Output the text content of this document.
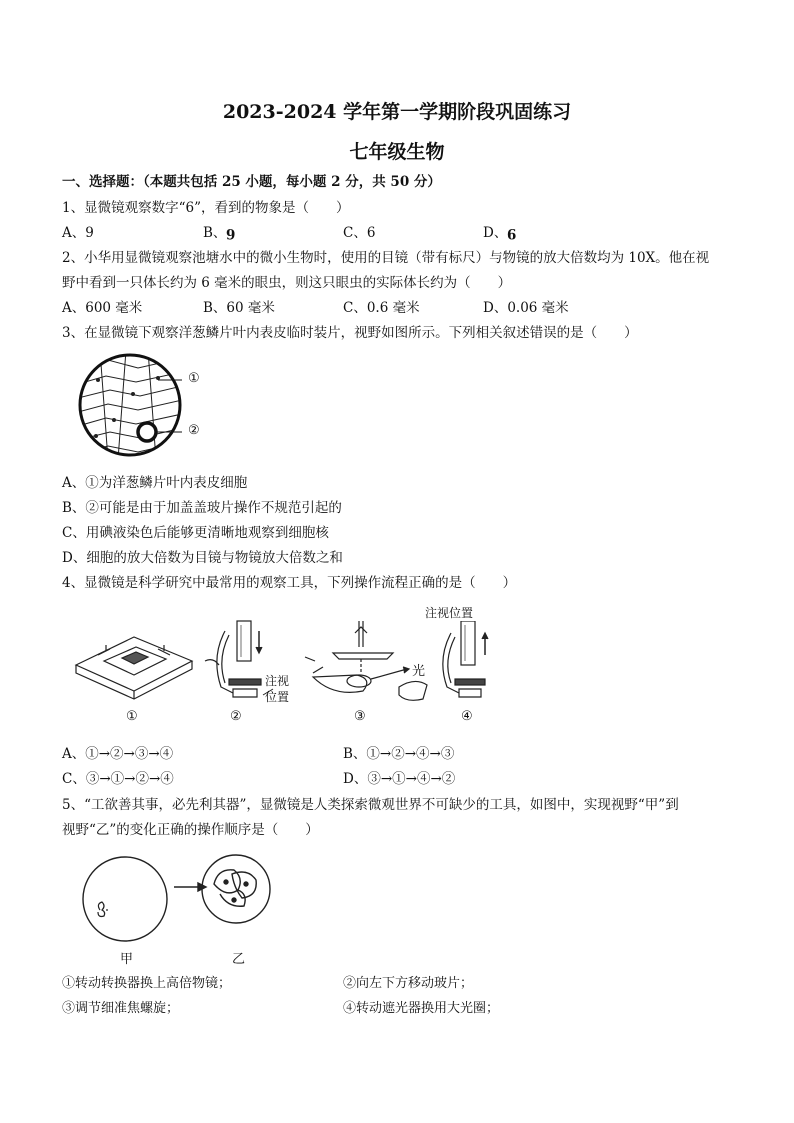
2023-2024 学年第一学期阶段巩固练习
七年级生物
一、选择题：（本题共包括 25 小题，每小题 2 分，共 50 分）
1、显微镜观察数字“6”，看到的物象是（　　）
A、9	B、6	C、6	D、9
2、小华用显微镜观察池塘水中的微小生物时，使用的目镜（带有标尺）与物镜的放大倍数均为 10X。他在视
野中看到一只体长约为 6 毫米的眼虫，则这只眼虫的实际体长约为（　　）
A、600 毫米	B、60 毫米	C、0.6 毫米	D、0.06 毫米
3、在显微镜下观察洋葱鳞片叶内表皮临时装片，视野如图所示。下列相关叙述错误的是（　　）
①
②
A、①为洋葱鳞片叶内表皮细胞
B、②可能是由于加盖盖玻片操作不规范引起的
C、用碘液染色后能够更清晰地观察到细胞核
D、细胞的放大倍数为目镜与物镜放大倍数之和
4、显微镜是科学研究中最常用的观察工具，下列操作流程正确的是（　　）
①
注视
位置
②
光
③
注视位置
④
A、①→②→③→④	B、①→②→④→③
C、③→①→②→④	D、③→①→④→②
5、“工欲善其事，必先利其器”，显微镜是人类探索微观世界不可缺少的工具，如图中，实现视野“甲”到
视野“乙”的变化正确的操作顺序是（　　）
甲	乙
①转动转换器换上高倍物镜；	②向左下方移动玻片；
③调节细准焦螺旋；	④转动遮光器换用大光圈；
